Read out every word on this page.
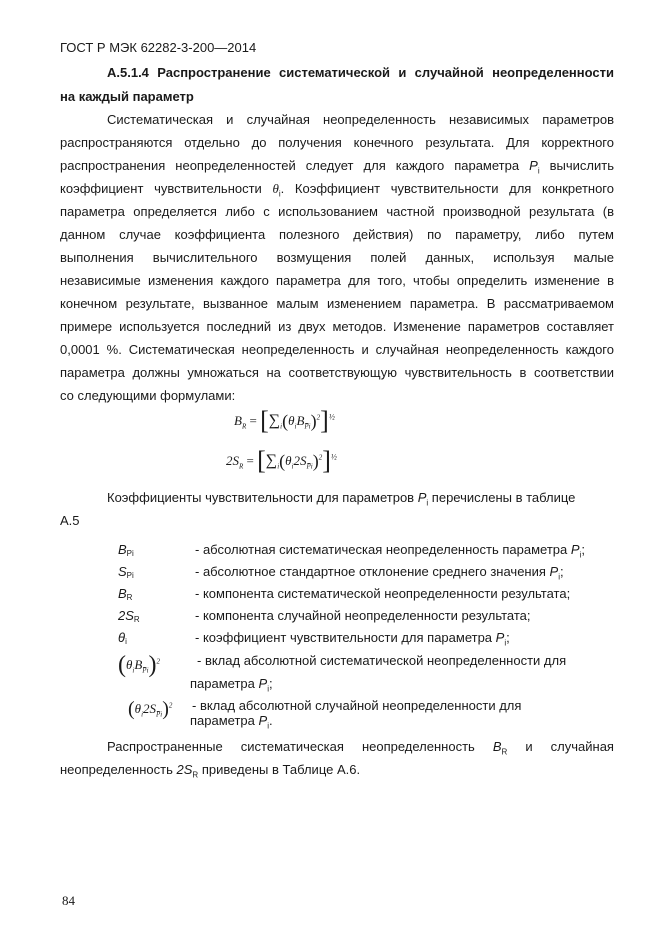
ГОСТ Р МЭК 62282-3-200—2014
А.5.1.4 Распространение систематической и случайной неопределенности
на каждый параметр
Систематическая и случайная неопределенность независимых параметров
распространяются отдельно до получения конечного результата. Для корректного
распространения неопределенностей следует для каждого параметра $P_i$ вычислить
коэффициент чувствительности $\theta_i$. Коэффициент чувствительности для конкретного
параметра определяется либо с использованием частной производной результата (в
данном случае коэффициента полезного действия) по параметру, либо путем
выполнения вычислительного возмущения полей данных, используя малые
независимые изменения каждого параметра для того, чтобы определить изменение в
конечном результате, вызванное малым изменением параметра. В рассматриваемом
примере используется последний из двух методов. Изменение параметров составляет
0,0001 %. Систематическая неопределенность и случайная неопределенность каждого
параметра должны умножаться на соответствующую чувствительность в соответствии
со следующими формулами:
$B_R = [\sum_i(\theta_iB_{P̅i})^2]^{\frac{1}{2}}$
$2S_R = [\sum_i(\theta_i2S_{P̅i})^2]^{\frac{1}{2}}$
Коэффициенты чувствительности для параметров $P_i$ перечислены в таблице
А.5
$B_{Pi}$	- абсолютная систематическая неопределенность параметра $P_i$;
$S_{Pi}$	- абсолютное стандартное отклонение среднего значения $P_i$;
$B_R$	- компонента систематической неопределенности результата;
$2S_R$	- компонента случайной неопределенности результата;
$\theta_i$	- коэффициент чувствительности для параметра $P_i$;
$(\theta_iB_{P̅i})^2$	- вклад абсолютной систематической неопределенности для
параметра $P_i$;
$(\theta_i2S_{P̅i})^2$ - вклад абсолютной случайной неопределенности для
параметра $P_i$.
Распространенные систематическая неопределенность $B_R$ и случайная
неопределенность $2S_R$ приведены в Таблице А.6.
84
